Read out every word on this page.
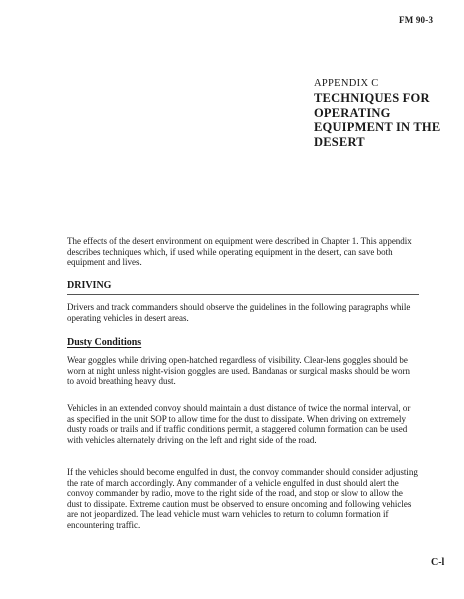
FM 90-3
APPENDIX C
TECHNIQUES FOR OPERATING EQUIPMENT IN THE DESERT
The effects of the desert environment on equipment were described in Chapter 1. This appendix describes techniques which, if used while operating equipment in the desert, can save both equipment and lives.
DRIVING
Drivers and track commanders should observe the guidelines in the following paragraphs while operating vehicles in desert areas.
Dusty Conditions
Wear goggles while driving open-hatched regardless of visibility. Clear-lens goggles should be worn at night unless night-vision goggles are used. Bandanas or surgical masks should be worn to avoid breathing heavy dust.
Vehicles in an extended convoy should maintain a dust distance of twice the normal interval, or as specified in the unit SOP to allow time for the dust to dissipate. When driving on extremely dusty roads or trails and if traffic conditions permit, a staggered column formation can be used with vehicles alternately driving on the left and right side of the road.
If the vehicles should become engulfed in dust, the convoy commander should consider adjusting the rate of march accordingly. Any commander of a vehicle engulfed in dust should alert the convoy commander by radio, move to the right side of the road, and stop or slow to allow the dust to dissipate. Extreme caution must be observed to ensure oncoming and following vehicles are not jeopardized. The lead vehicle must warn vehicles to return to column formation if encountering traffic.
C-l
